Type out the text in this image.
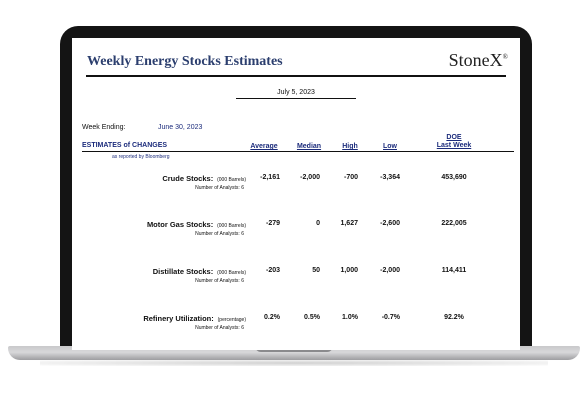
Weekly Energy Stocks Estimates	StoneX®
July 5, 2023
Week Ending:	June 30, 2023
ESTIMATES of CHANGES
as reported by Bloomberg
Average	Median	High	Low
DOE
Last Week
Crude Stocks: (000 Barrels)
Number of Analysts: 6
-2,161	-2,000	-700	-3,364	453,690
Motor Gas Stocks: (000 Barrels)
Number of Analysts: 6
-279	0	1,627	-2,600	222,005
Distillate Stocks: (000 Barrels)
Number of Analysts: 6
-203	50	1,000	-2,000	114,411
Refinery Utilization: (percentage)
Number of Analysts: 6
0.2%	0.5%	1.0%	-0.7%	92.2%
